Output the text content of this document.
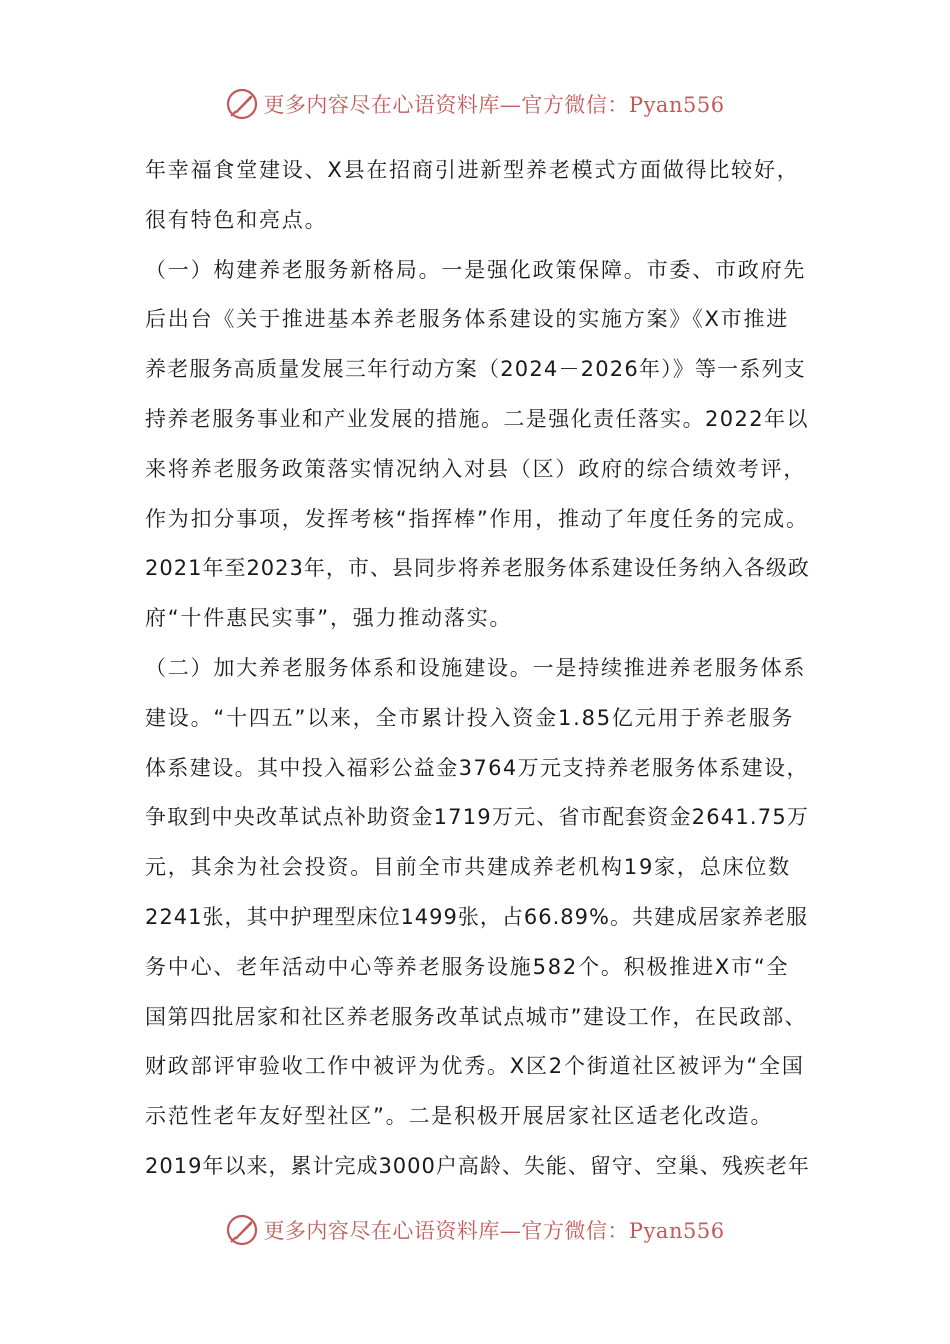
更多内容尽在心语资料库—官方微信：Pyan556
年幸福食堂建设、X县在招商引进新型养老模式方面做得比较好，
很有特色和亮点。
（一）构建养老服务新格局。一是强化政策保障。市委、市政府先
后出台《关于推进基本养老服务体系建设的实施方案》《X市推进
养老服务高质量发展三年行动方案（2024－2026年）》等一系列支
持养老服务事业和产业发展的措施。二是强化责任落实。2022年以
来将养老服务政策落实情况纳入对县（区）政府的综合绩效考评，
作为扣分事项，发挥考核“指挥棒”作用，推动了年度任务的完成。
2021年至2023年，市、县同步将养老服务体系建设任务纳入各级政
府“十件惠民实事”，强力推动落实。
（二）加大养老服务体系和设施建设。一是持续推进养老服务体系
建设。“十四五”以来，全市累计投入资金1.85亿元用于养老服务
体系建设。其中投入福彩公益金3764万元支持养老服务体系建设，
争取到中央改革试点补助资金1719万元、省市配套资金2641.75万
元，其余为社会投资。目前全市共建成养老机构19家，总床位数
2241张，其中护理型床位1499张，占66.89%。共建成居家养老服
务中心、老年活动中心等养老服务设施582个。积极推进X市“全
国第四批居家和社区养老服务改革试点城市”建设工作，在民政部、
财政部评审验收工作中被评为优秀。X区2个街道社区被评为“全国
示范性老年友好型社区”。二是积极开展居家社区适老化改造。
2019年以来，累计完成3000户高龄、失能、留守、空巢、残疾老年
更多内容尽在心语资料库—官方微信：Pyan556
